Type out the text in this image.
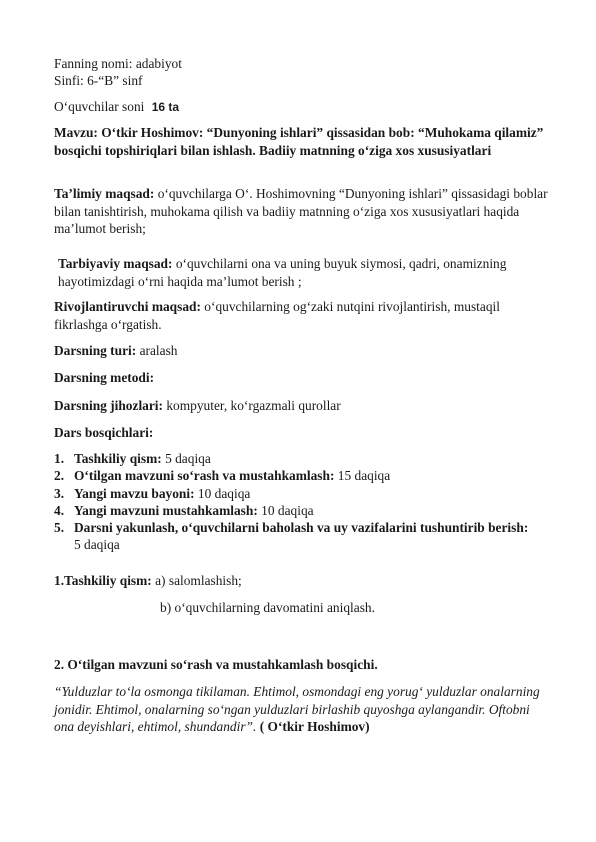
Fanning nomi: adabiyot
Sinfi: 6-“B” sinf
O‘quvchilar soni 16 ta
Mavzu: O‘tkir Hoshimov: “Dunyoning ishlari” qissasidan bob: “Muhokama qilamiz” bosqichi topshiriqlari bilan ishlash. Badiiy matnning o‘ziga xos xususiyatlari
Ta’limiy maqsad: o‘quvchilarga O‘. Hoshimovning “Dunyoning ishlari” qissasidagi boblar bilan tanishtirish, muhokama qilish va badiiy matnning o‘ziga xos xususiyatlari haqida ma’lumot berish;
Tarbiyaviy maqsad: o‘quvchilarni ona va uning buyuk siymosi, qadri, onamizning hayotimizdagi o‘rni haqida ma’lumot berish ;
Rivojlantiruvchi maqsad: o‘quvchilarning og‘zaki nutqini rivojlantirish, mustaqil fikrlashga o‘rgatish.
Darsning turi: aralash
Darsning metodi:
Darsning jihozlari: kompyuter, ko‘rgazmali qurollar
Dars bosqichlari:
1. Tashkiliy qism: 5 daqiqa
2. O‘tilgan mavzuni so‘rash va mustahkamlash: 15 daqiqa
3. Yangi mavzu bayoni: 10 daqiqa
4. Yangi mavzuni mustahkamlash: 10 daqiqa
5. Darsni yakunlash, o‘quvchilarni baholash va uy vazifalarini tushuntirib berish: 5 daqiqa
1.Tashkiliy qism: a) salomlashish;
b) o‘quvchilarning davomatini aniqlash.
2. O‘tilgan mavzuni so‘rash va mustahkamlash bosqichi.
“Yulduzlar to‘la osmonga tikilaman. Ehtimol, osmondagi eng yorug‘ yulduzlar onalarning jonidir. Ehtimol, onalarning so‘ngan yulduzlari birlashib quyoshga aylangandir. Oftobni ona deyishlari, ehtimol, shundandir”. ( O‘tkir Hoshimov)
